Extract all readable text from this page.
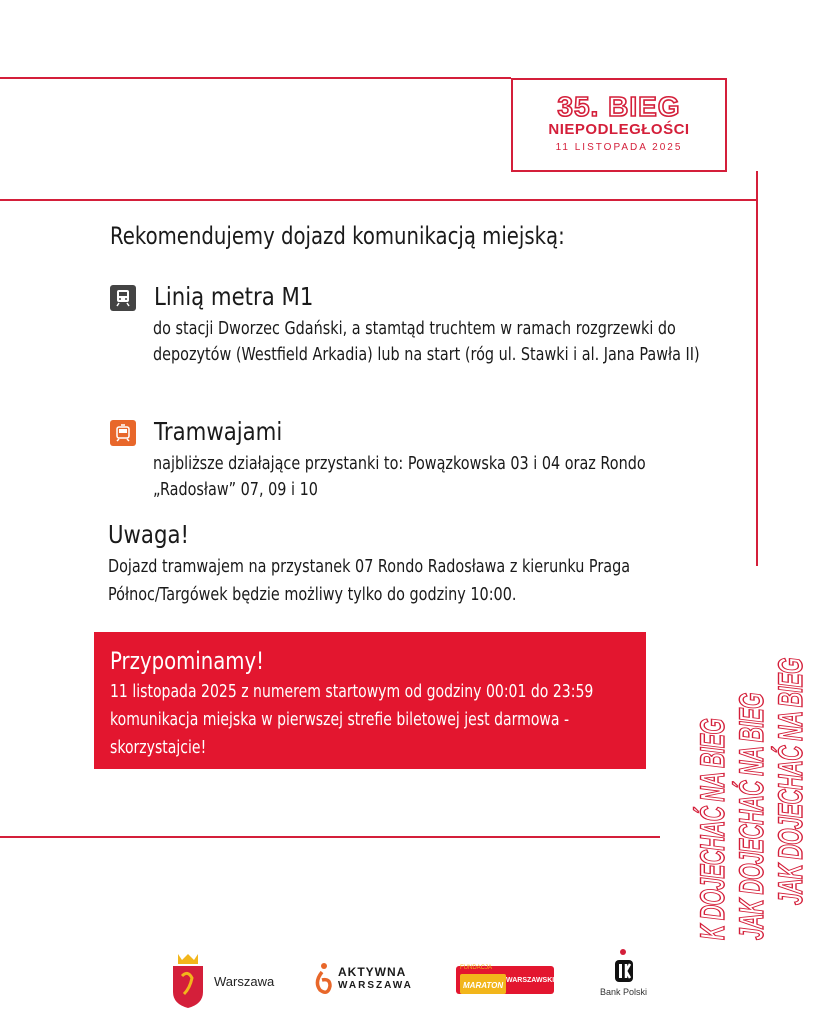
35. BIEG
NIEPODLEGŁOŚCI
11 LISTOPADA 2025
Rekomendujemy dojazd komunikacją miejską:
Linią metra M1
do stacji Dworzec Gdański, a stamtąd truchtem w ramach rozgrzewki do depozytów (Westfield Arkadia) lub na start (róg ul. Stawki i al. Jana Pawła II)
Tramwajami
najbliższe działające przystanki to: Powązkowska 03 i 04 oraz Rondo „Radosław” 07, 09 i 10
Uwaga!
Dojazd tramwajem na przystanek 07 Rondo Radosława z kierunku Praga Północ/Targówek będzie możliwy tylko do godziny 10:00.
Przypominamy!
11 listopada 2025 z numerem startowym od godziny 00:01 do 23:59 komunikacja miejska w pierwszej strefie biletowej jest darmowa - skorzystajcie!	K DOJECHAĆ NA BIEG JAK DOJECHAĆ NA BIEG JAK DOJECHAĆ NA BIEG
Warszawa
AKTYWNA
WARSZAWA
FUNDACJA
MARATON
WARSZAWSKI
Bank Polski
